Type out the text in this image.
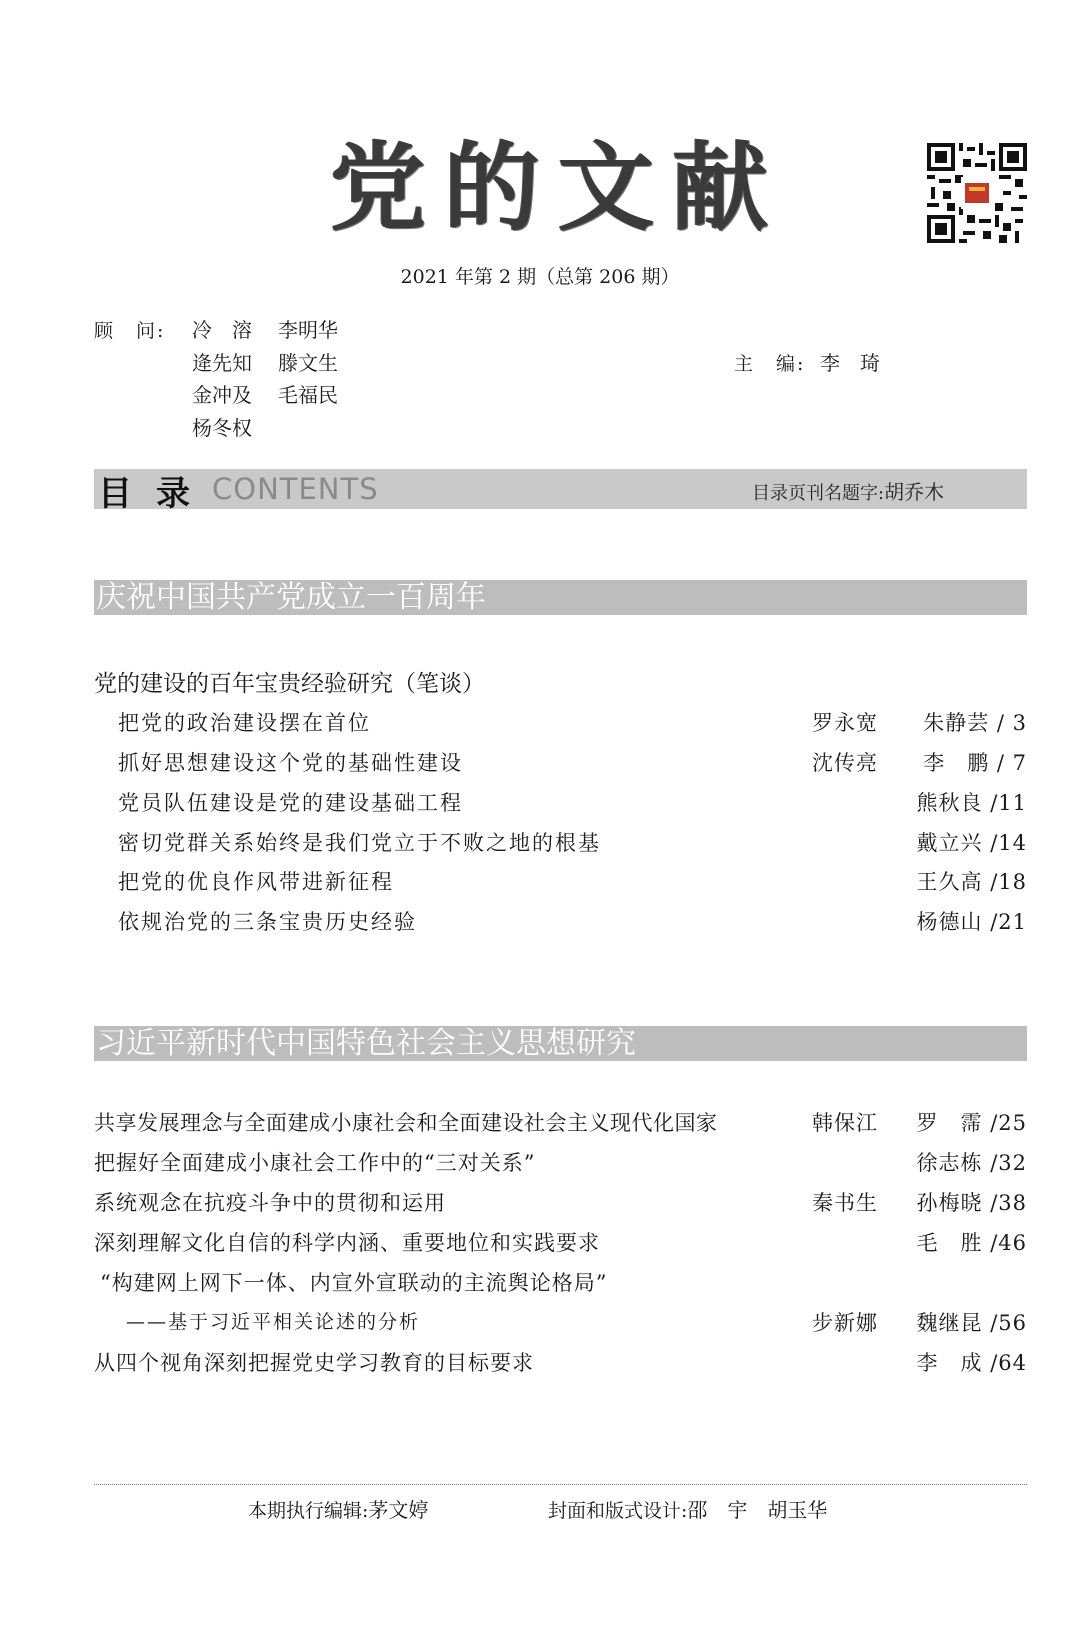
党的文献
2021 年第 2 期（总第 206 期）
顾　问: 冷　溶 李明华
逄先知 滕文生
金冲及 毛福民
杨冬权
主　编: 李　琦
目录
CONTENTS	目录页刊名题字:胡乔木
庆祝中国共产党成立一百周年
党的建设的百年宝贵经验研究（笔谈）
把党的政治建设摆在首位	罗永宽 朱静芸 / 3
抓好思想建设这个党的基础性建设	沈传亮 李　鹏 / 7
党员队伍建设是党的建设基础工程	熊秋良 /11
密切党群关系始终是我们党立于不败之地的根基	戴立兴 /14
把党的优良作风带进新征程	王久高 /18
依规治党的三条宝贵历史经验	杨德山 /21
习近平新时代中国特色社会主义思想研究
共享发展理念与全面建成小康社会和全面建设社会主义现代化国家	韩保江 罗　霈 /25
把握好全面建成小康社会工作中的“三对关系”	徐志栋 /32
系统观念在抗疫斗争中的贯彻和运用	秦书生 孙梅晓 /38
深刻理解文化自信的科学内涵、重要地位和实践要求	毛　胜 /46
“构建网上网下一体、内宣外宣联动的主流舆论格局”
——基于习近平相关论述的分析	步新娜 魏继昆 /56
从四个视角深刻把握党史学习教育的目标要求	李　成 /64
本期执行编辑:茅文婷	封面和版式设计:邵　宇　胡玉华
